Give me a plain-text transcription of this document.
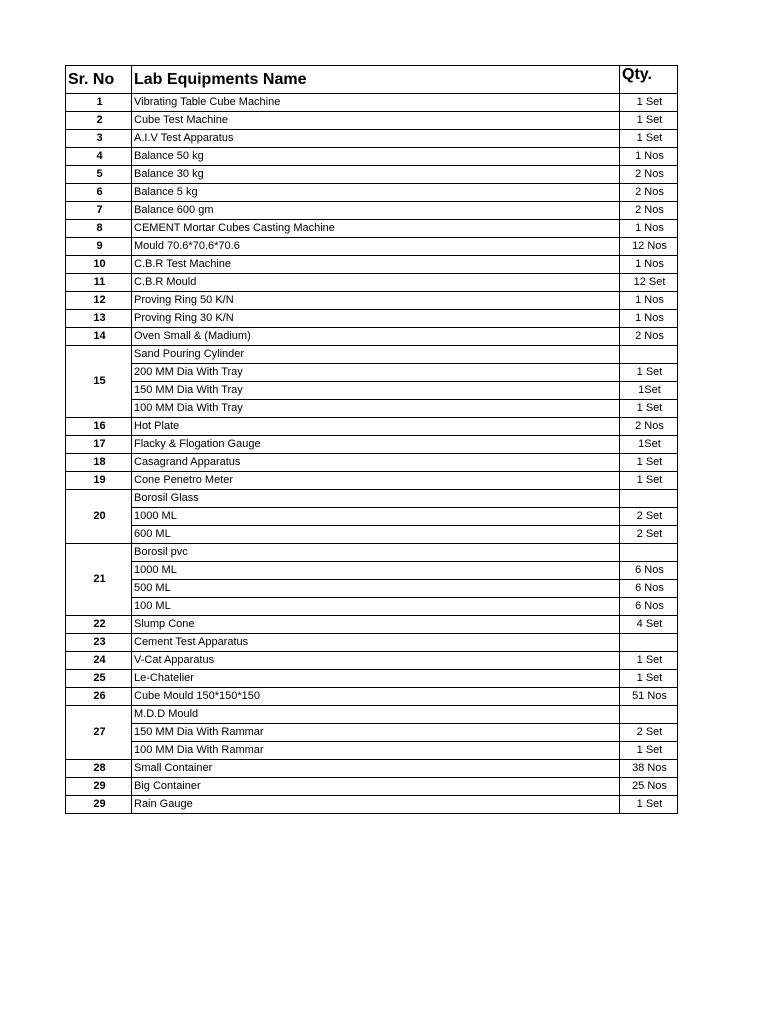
Sr. No	Lab Equipments Name	Qty.
1	Vibrating Table Cube Machine	1 Set
2	Cube Test Machine	1 Set
3	A.I.V Test Apparatus	1 Set
4	Balance 50 kg	1 Nos
5	Balance 30 kg	2 Nos
6	Balance 5 kg	2 Nos
7	Balance 600 gm	2 Nos
8	CEMENT Mortar Cubes Casting Machine	1 Nos
9	Mould 70.6*70.6*70.6	12 Nos
10	C.B.R Test Machine	1 Nos
11	C.B.R Mould	12 Set
12	Proving Ring 50 K/N	1 Nos
13	Proving Ring 30 K/N	1 Nos
14	Oven Small & (Madium)	2 Nos
15	Sand Pouring Cylinder	
	200 MM Dia With Tray	1 Set
	150 MM Dia With Tray	1Set
	100 MM Dia With Tray	1 Set
16	Hot Plate	2 Nos
17	Flacky & Flogation Gauge	1Set
18	Casagrand Apparatus	1 Set
19	Cone Penetro Meter	1 Set
20	Borosil Glass	
	1000 ML	2 Set
	600 ML	2 Set
21	Borosil pvc	
	1000 ML	6 Nos
	500 ML	6 Nos
	100 ML	6 Nos
22	Slump Cone	4 Set
23	Cement Test Apparatus	
24	V-Cat Apparatus	1 Set
25	Le-Chatelier	1 Set
26	Cube Mould 150*150*150	51 Nos
27	M.D.D Mould	
	150 MM Dia With Rammar	2 Set
	100 MM Dia With Rammar	1 Set
28	Small Container	38 Nos
29	Big Container	25 Nos
29	Rain Gauge	1 Set
